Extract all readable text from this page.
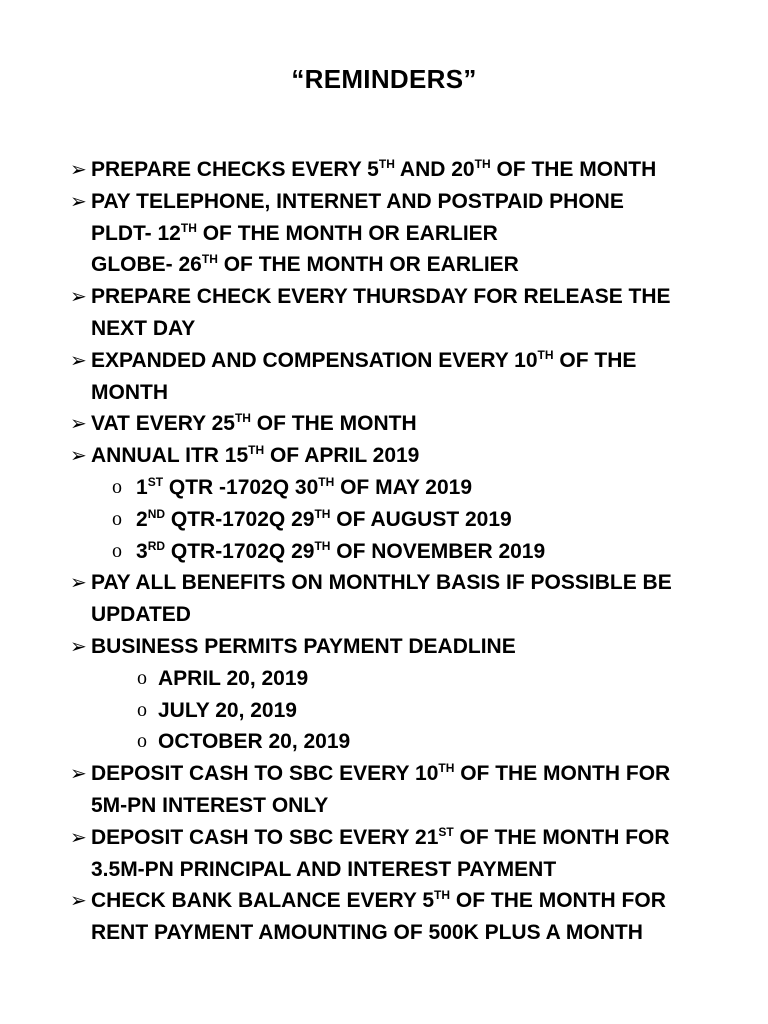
“REMINDERS”
➢ PREPARE CHECKS EVERY 5TH AND 20TH OF THE MONTH
➢ PAY TELEPHONE, INTERNET AND POSTPAID PHONE
PLDT- 12TH OF THE MONTH OR EARLIER
GLOBE- 26TH OF THE MONTH OR EARLIER
➢ PREPARE CHECK EVERY THURSDAY FOR RELEASE THE
NEXT DAY
➢ EXPANDED AND COMPENSATION EVERY 10TH OF THE
MONTH
➢ VAT EVERY 25TH OF THE MONTH
➢ ANNUAL ITR 15TH OF APRIL 2019
o 1ST QTR -1702Q 30TH OF MAY 2019
o 2ND QTR-1702Q 29TH OF AUGUST 2019
o 3RD QTR-1702Q 29TH OF NOVEMBER 2019
➢ PAY ALL BENEFITS ON MONTHLY BASIS IF POSSIBLE BE
UPDATED
➢ BUSINESS PERMITS PAYMENT DEADLINE
o APRIL 20, 2019
o JULY 20, 2019
o OCTOBER 20, 2019
➢ DEPOSIT CASH TO SBC EVERY 10TH OF THE MONTH FOR
5M-PN INTEREST ONLY
➢ DEPOSIT CASH TO SBC EVERY 21ST OF THE MONTH FOR
3.5M-PN PRINCIPAL AND INTEREST PAYMENT
➢ CHECK BANK BALANCE EVERY 5TH OF THE MONTH FOR
RENT PAYMENT AMOUNTING OF 500K PLUS A MONTH
